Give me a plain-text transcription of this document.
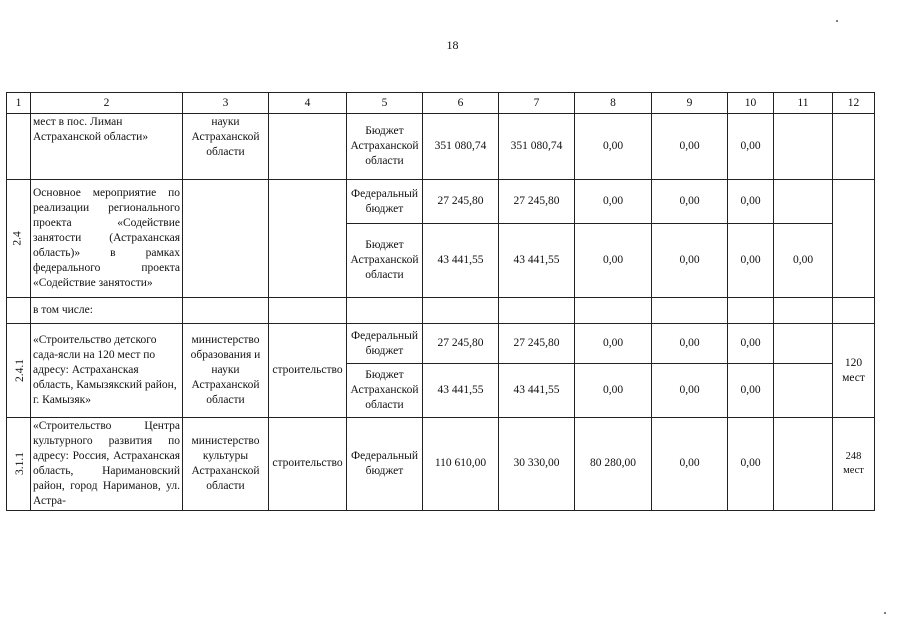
18
1	2	3	4	5	6	7	8	9	10	11	12
	мест в пос. Лиман Астраханской области»	науки Астраханской области		Бюджет Астраханской области	351 080,74	351 080,74	0,00	0,00	0,00		
2.4	Основное мероприятие по реализации регионального проекта «Содействие занятости (Астраханская область)» в рамках федерального проекта «Содействие занятости»			Федеральный бюджет	27 245,80	27 245,80	0,00	0,00	0,00		
				Бюджет Астраханской области	43 441,55	43 441,55	0,00	0,00	0,00	0,00	
	в том числе:										
2.4.1	«Строительство детского сада-ясли на 120 мест по адресу: Астраханская область, Камызякский район, г. Камызяк»	министерство образования и науки Астраханской области	строительство	Федеральный бюджет	27 245,80	27 245,80	0,00	0,00	0,00		120 мест
				Бюджет Астраханской области	43 441,55	43 441,55	0,00	0,00	0,00		
3.1.1	«Строительство Центра культурного развития по адресу: Россия, Астраханская область, Наримановский район, город Нариманов, ул. Астра-	министерство культуры Астраханской области	строительство	Федеральный бюджет	110 610,00	30 330,00	80 280,00	0,00	0,00		248 мест
